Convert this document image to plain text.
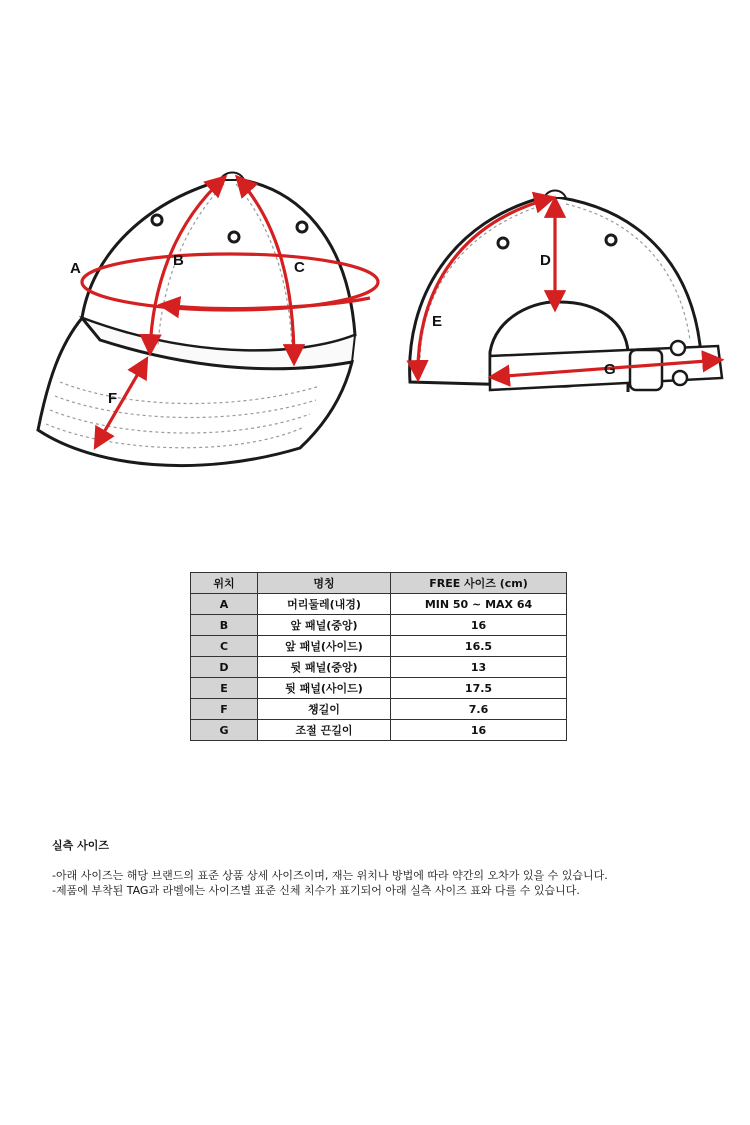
A	B	C	D
E
F
G
위치	명칭	FREE 사이즈 (cm)
A	머리둘레(내경)	MIN 50 ~ MAX 64
B	앞 패널(중앙)	16
C	앞 패널(사이드)	16.5
D	뒷 패널(중앙)	13
E	뒷 패널(사이드)	17.5
F	챙길이	7.6
G	조절 끈길이	16
실측 사이즈
-아래 사이즈는 해당 브랜드의 표준 상품 상세 사이즈이며, 재는 위치나 방법에 따라 약간의 오차가 있을 수 있습니다.
-제품에 부착된 TAG과 라벨에는 사이즈별 표준 신체 치수가 표기되어 아래 실측 사이즈 표와 다를 수 있습니다.
